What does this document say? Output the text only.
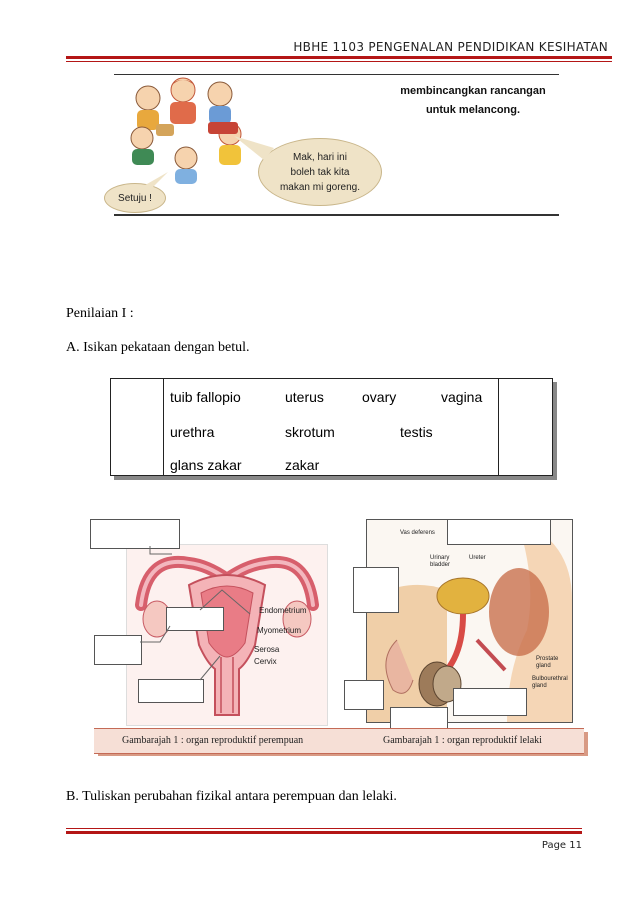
HBHE 1103 PENGENALAN PENDIDIKAN KESIHATAN
membincangkan rancangan
untuk melancong.
Setuju !
Mak, hari ini
boleh tak kita
makan mi goreng.
Penilaian I :
A. Isikan pekataan dengan betul.
tuib fallopio	uterus	ovary	vagina
urethra	skrotum	testis
glans zakar	zakar
Endometrium
Myometrium
Serosa
Cervix
Vas deferens
Urinary bladder
Ureter
Prostate gland
Bulbourethral gland
Gambarajah 1 : organ reproduktif perempuan	Gambarajah 1 : organ reproduktif lelaki
B. Tuliskan perubahan fizikal antara perempuan dan lelaki.
Page 11
